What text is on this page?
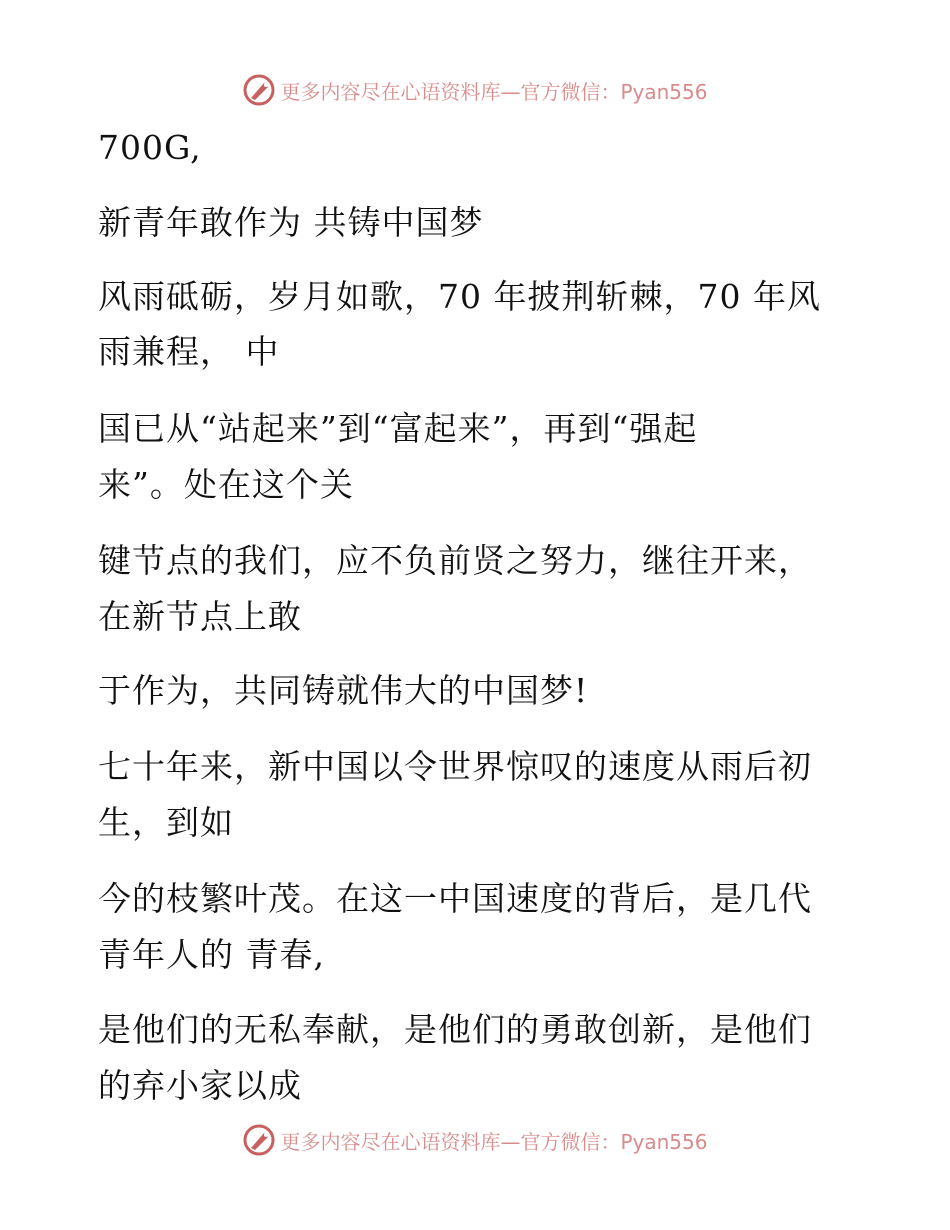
更多内容尽在心语资料库—官方微信：Pyan556
700G,
新青年敢作为 共铸中国梦
风雨砥砺，岁月如歌，70 年披荆斩棘，70 年风
雨兼程， 中
国已从“站起来”到“富起来”，再到“强起
来”。处在这个关
键节点的我们，应不负前贤之努力，继往开来，
在新节点上敢
于作为，共同铸就伟大的中国梦!
七十年来，新中国以令世界惊叹的速度从雨后初
生，到如
今的枝繁叶茂。在这一中国速度的背后，是几代
青年人的 青春,
是他们的无私奉献，是他们的勇敢创新，是他们
的弃小家以成
更多内容尽在心语资料库—官方微信：Pyan556
